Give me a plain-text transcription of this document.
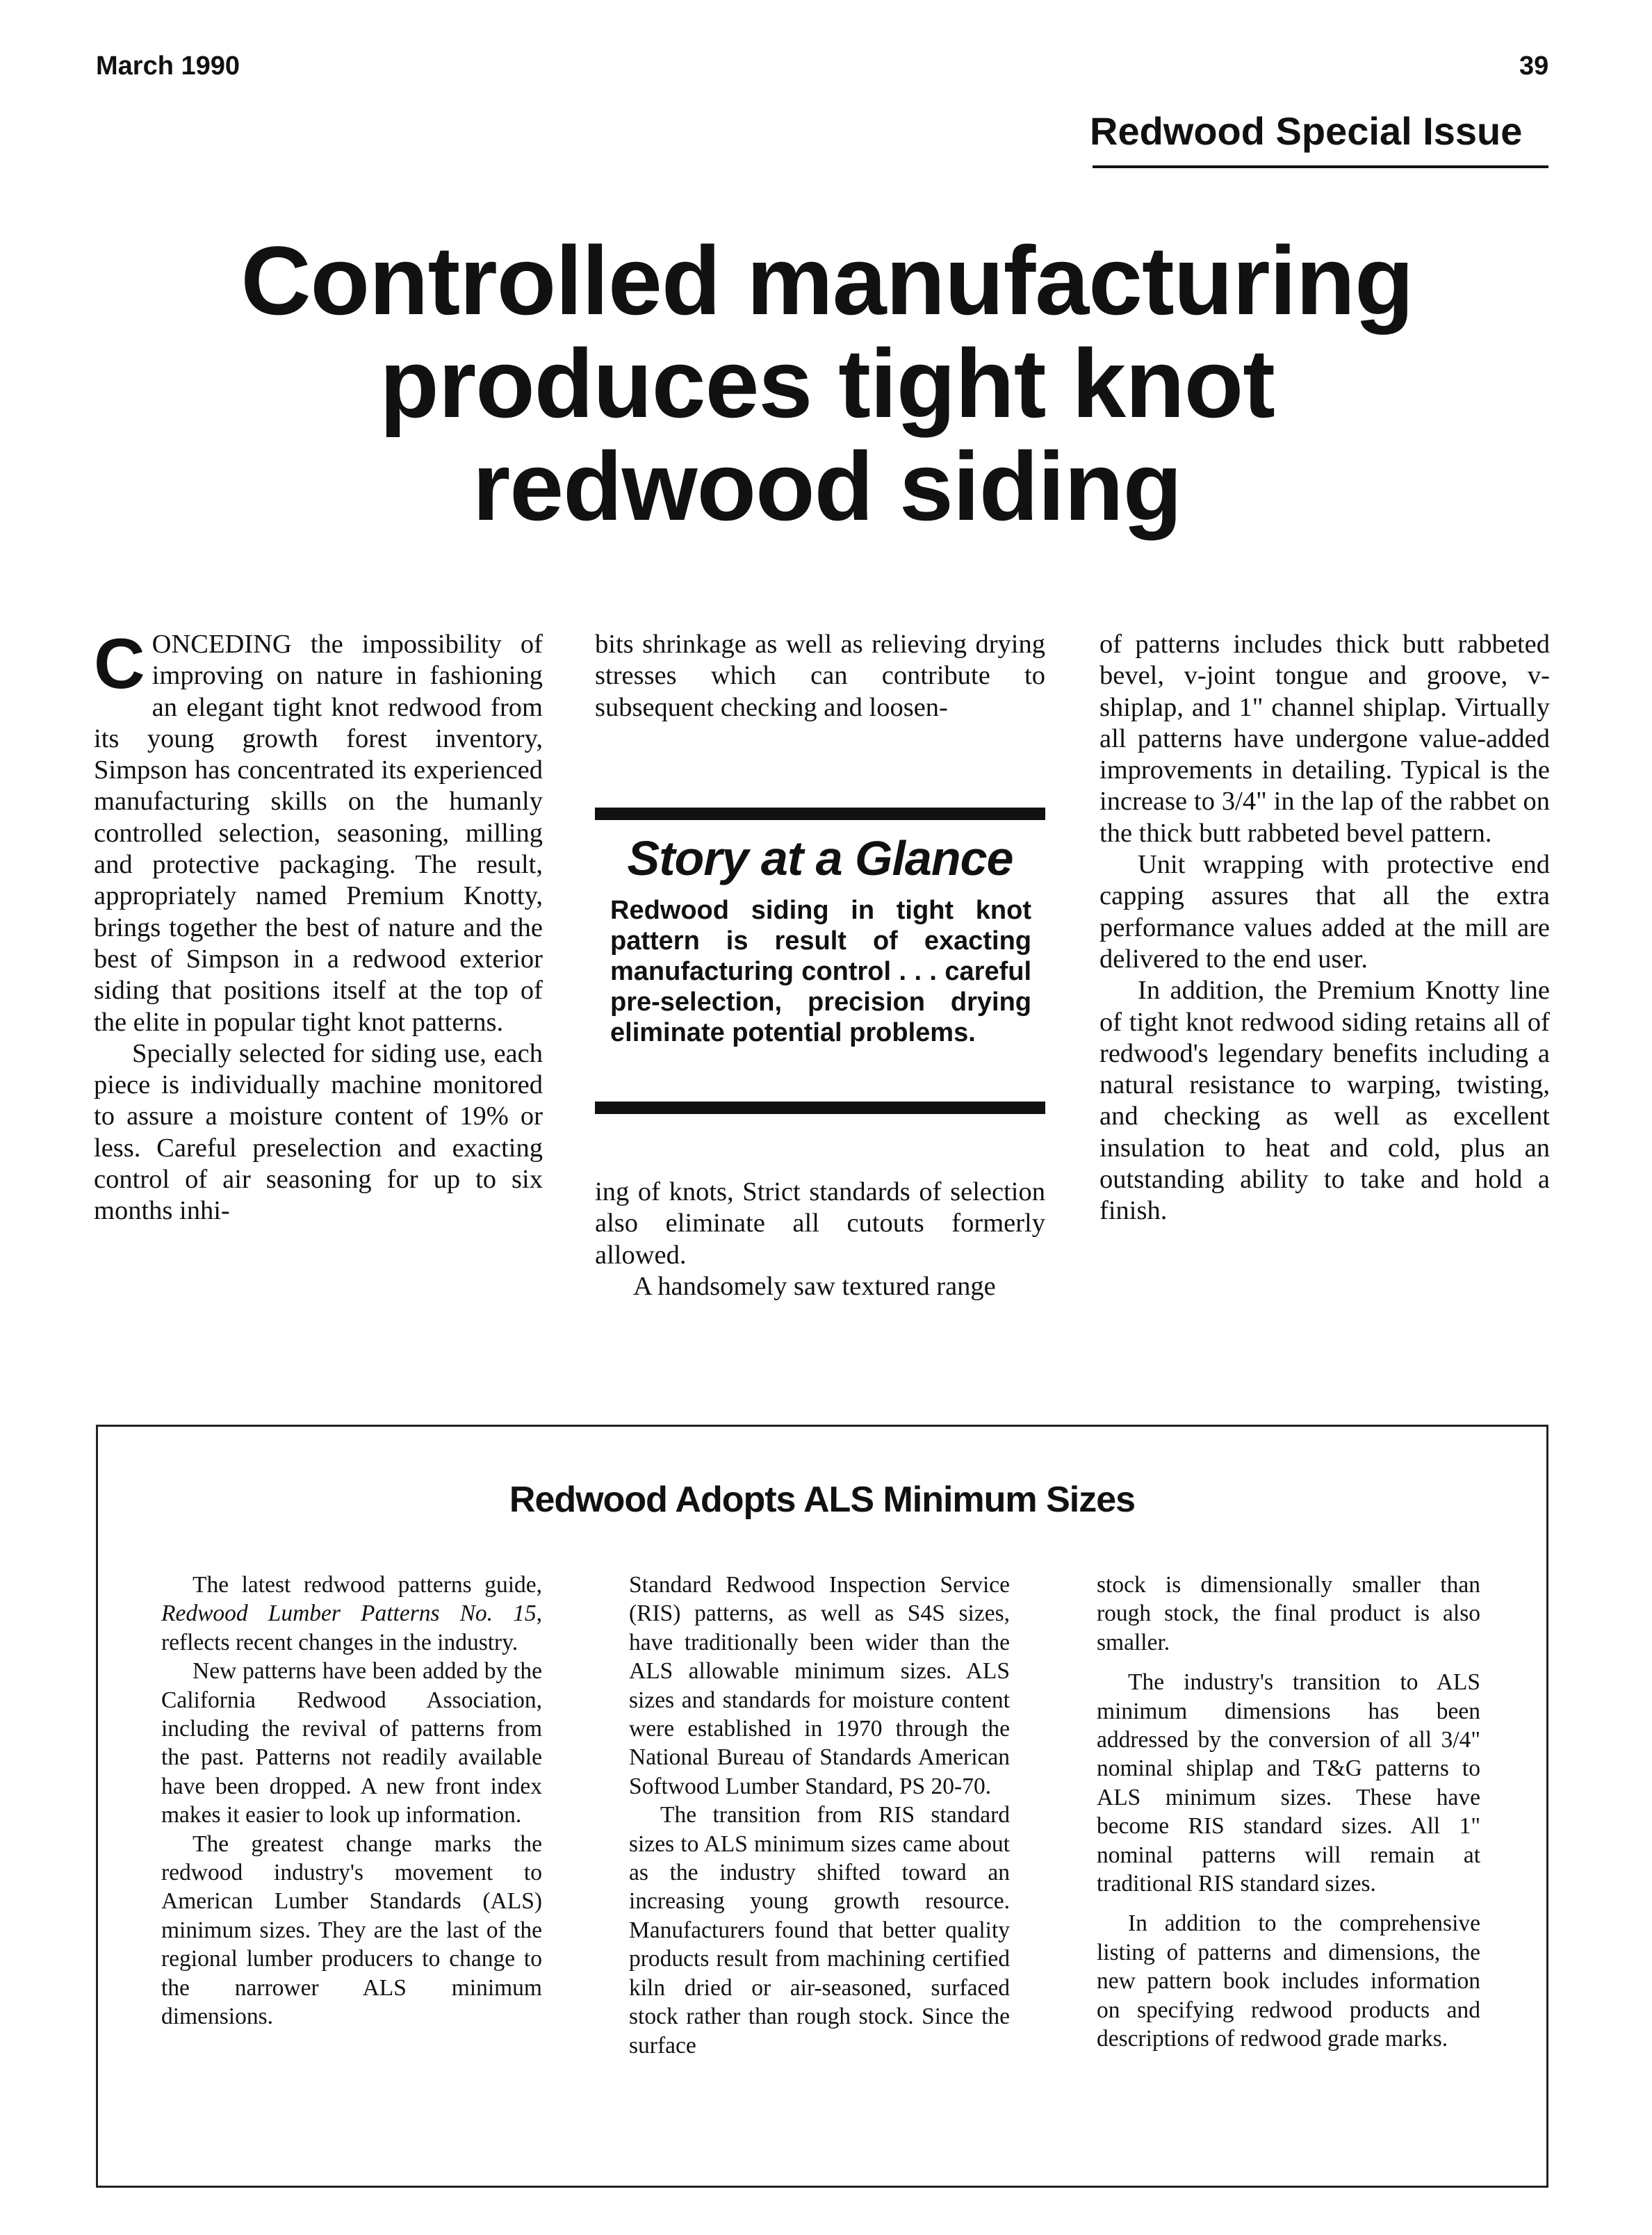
March 1990	39
Redwood Special Issue
Controlled manufacturing
produces tight knot
redwood siding

CONCEDING the impossibility of improving on nature in fashioning an elegant tight knot redwood from its young growth forest inventory, Simpson has concentrated its experienced manufacturing skills on the humanly controlled selection, seasoning, milling and protective packaging. The result, appropriately named Premium Knotty, brings together the best of nature and the best of Simpson in a redwood exterior siding that positions itself at the top of the elite in popular tight knot patterns.

Specially selected for siding use, each piece is individually machine monitored to assure a moisture content of 19% or less. Careful preselection and exacting control of air seasoning for up to six months inhi-

bits shrinkage as well as relieving drying stresses which can contribute to subsequent checking and loosen-

Story at a Glance
Redwood siding in tight knot pattern is result of exacting manufacturing control . . . careful pre-selection, precision drying eliminate potential problems.

ing of knots, Strict standards of selection also eliminate all cutouts formerly allowed.

A handsomely saw textured range

of patterns includes thick butt rabbeted bevel, v-joint tongue and groove, v-shiplap, and 1" channel shiplap. Virtually all patterns have undergone value-added improvements in detailing. Typical is the increase to 3/4" in the lap of the rabbet on the thick butt rabbeted bevel pattern.

Unit wrapping with protective end capping assures that all the extra performance values added at the mill are delivered to the end user.

In addition, the Premium Knotty line of tight knot redwood siding retains all of redwood's legendary benefits including a natural resistance to warping, twisting, and checking as well as excellent insulation to heat and cold, plus an outstanding ability to take and hold a finish.

Redwood Adopts ALS Minimum Sizes

The latest redwood patterns guide, Redwood Lumber Patterns No. 15, reflects recent changes in the industry.

New patterns have been added by the California Redwood Association, including the revival of patterns from the past. Patterns not readily available have been dropped. A new front index makes it easier to look up information.

The greatest change marks the redwood industry's movement to American Lumber Standards (ALS) minimum sizes. They are the last of the regional lumber producers to change to the narrower ALS minimum dimensions.

Standard Redwood Inspection Service (RIS) patterns, as well as S4S sizes, have traditionally been wider than the ALS allowable minimum sizes. ALS sizes and standards for moisture content were established in 1970 through the National Bureau of Standards American Softwood Lumber Standard, PS 20-70.

The transition from RIS standard sizes to ALS minimum sizes came about as the industry shifted toward an increasing young growth resource. Manufacturers found that better quality products result from machining certified kiln dried or air-seasoned, surfaced stock rather than rough stock. Since the surface

stock is dimensionally smaller than rough stock, the final product is also smaller.

The industry's transition to ALS minimum dimensions has been addressed by the conversion of all 3/4" nominal shiplap and T&G patterns to ALS minimum sizes. These have become RIS standard sizes. All 1" nominal patterns will remain at traditional RIS standard sizes.

In addition to the comprehensive listing of patterns and dimensions, the new pattern book includes information on specifying redwood products and descriptions of redwood grade marks.
